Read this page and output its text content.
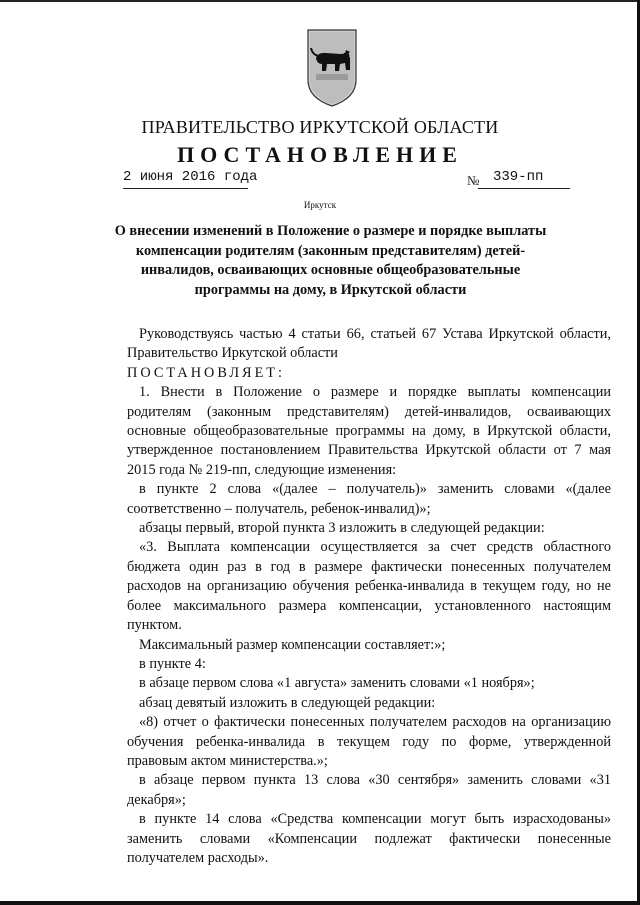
ПРАВИТЕЛЬСТВО ИРКУТСКОЙ ОБЛАСТИ
ПОСТАНОВЛЕНИЕ
2 июня 2016 года	№ 339-пп
Иркутск
О внесении изменений в Положение о размере и порядке выплаты компенсации родителям (законным представителям) детей-инвалидов, осваивающих основные общеобразовательные программы на дому, в Иркутской области

Руководствуясь частью 4 статьи 66, статьей 67 Устава Иркутской области, Правительство Иркутской области

ПОСТАНОВЛЯЕТ:

1. Внести в Положение о размере и порядке выплаты компенсации родителям (законным представителям) детей-инвалидов, осваивающих основные общеобразовательные программы на дому, в Иркутской области, утвержденное постановлением Правительства Иркутской области от 7 мая 2015 года № 219-пп, следующие изменения:

в пункте 2 слова «(далее – получатель)» заменить словами «(далее соответственно – получатель, ребенок-инвалид)»;

абзацы первый, второй пункта 3 изложить в следующей редакции:

«3. Выплата компенсации осуществляется за счет средств областного бюджета один раз в год в размере фактически понесенных получателем расходов на организацию обучения ребенка-инвалида в текущем году, но не более максимального размера компенсации, установленного настоящим пунктом.

Максимальный размер компенсации составляет:»;

в пункте 4:

в абзаце первом слова «1 августа» заменить словами «1 ноября»;

абзац девятый изложить в следующей редакции:

«8) отчет о фактически понесенных получателем расходов на организацию обучения ребенка-инвалида в текущем году по форме, утвержденной правовым актом министерства.»;

в абзаце первом пункта 13 слова «30 сентября» заменить словами «31 декабря»;

в пункте 14 слова «Средства компенсации могут быть израсходованы» заменить словами «Компенсации подлежат фактически понесенные получателем расходы».
